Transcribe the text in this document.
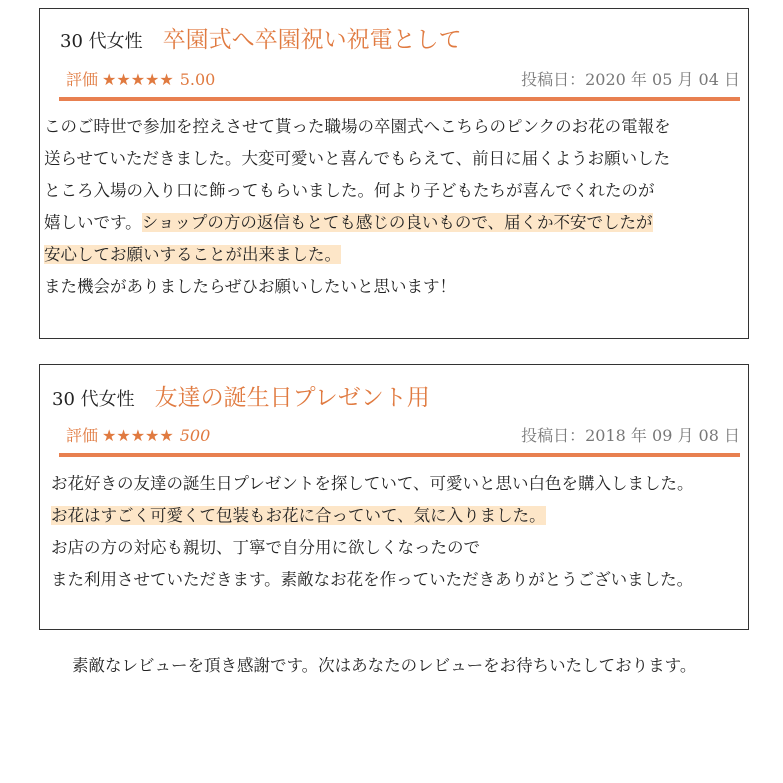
30 代女性 卒園式へ卒園祝い祝電として
評価 ★★★★★ 5.00	投稿日：2020 年 05 月 04 日
このご時世で参加を控えさせて貰った職場の卒園式へこちらのピンクのお花の電報を
送らせていただきました。大変可愛いと喜んでもらえて、前日に届くようお願いした
ところ入場の入り口に飾ってもらいました。何より子どもたちが喜んでくれたのが
嬉しいです。ショップの方の返信もとても感じの良いもので、届くか不安でしたが
安心してお願いすることが出来ました。
また機会がありましたらぜひお願いしたいと思います！
30 代女性 友達の誕生日プレゼント用
評価 ★★★★★ 500	投稿日：2018 年 09 月 08 日
お花好きの友達の誕生日プレゼントを探していて、可愛いと思い白色を購入しました。
お花はすごく可愛くて包装もお花に合っていて、気に入りました。
お店の方の対応も親切、丁寧で自分用に欲しくなったので
また利用させていただきます。素敵なお花を作っていただきありがとうございました。
素敵なレビューを頂き感謝です。次はあなたのレビューをお待ちいたしております。
